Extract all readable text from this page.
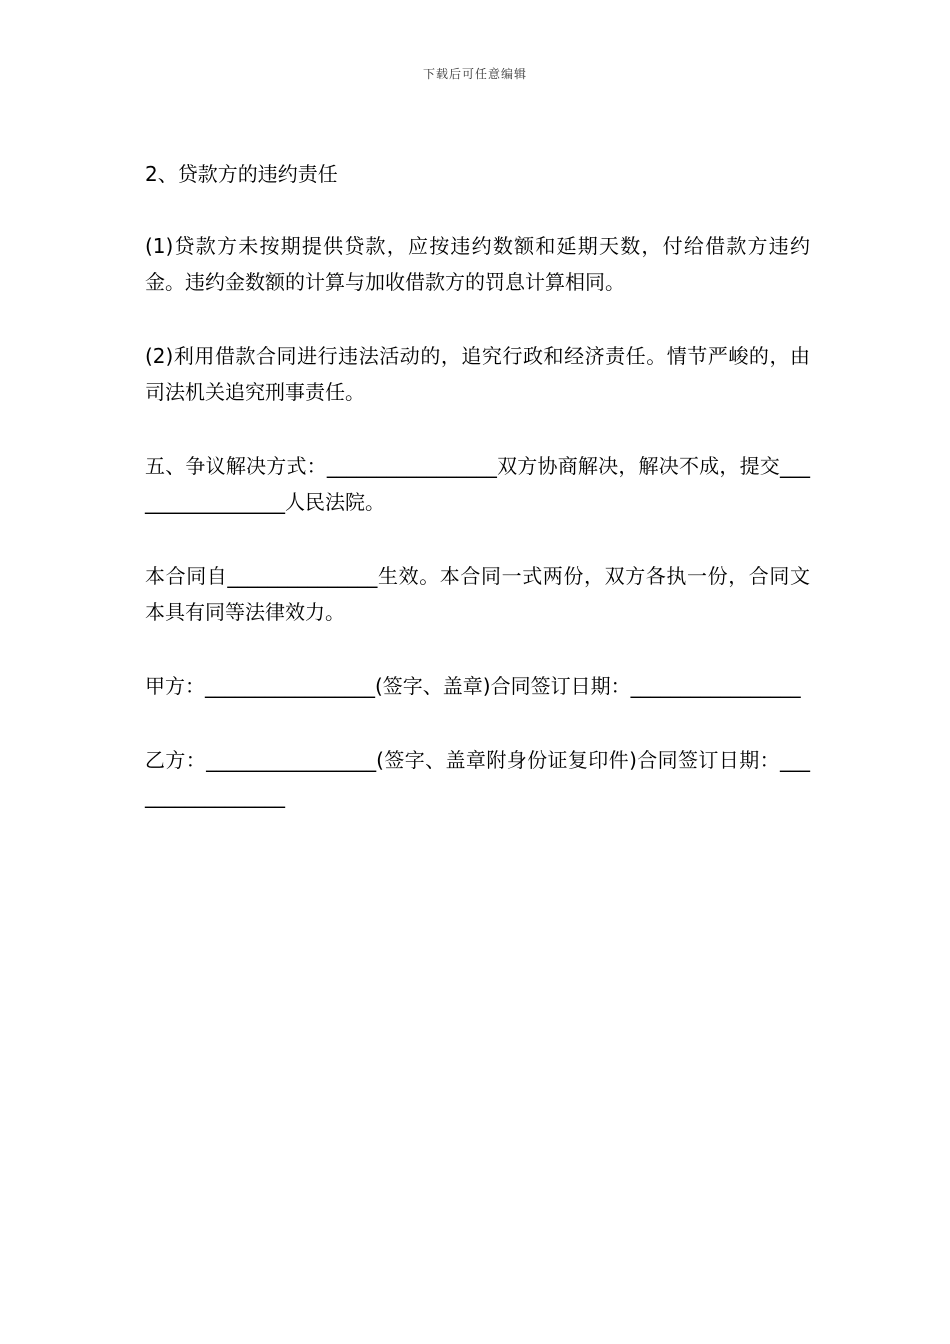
下载后可任意编辑

2、贷款方的违约责任

(1)贷款方未按期提供贷款，应按违约数额和延期天数，付给借款方违约金。违约金数额的计算与加收借款方的罚息计算相同。

(2)利用借款合同进行违法活动的，追究行政和经济责任。情节严峻的，由司法机关追究刑事责任。

五、争议解决方式：_________________双方协商解决，解决不成，提交_________________人民法院。

本合同自_______________生效。本合同一式两份，双方各执一份，合同文本具有同等法律效力。

甲方：_________________(签字、盖章)合同签订日期：_________________

乙方：_________________(签字、盖章附身份证复印件)合同签订日期：_________________
